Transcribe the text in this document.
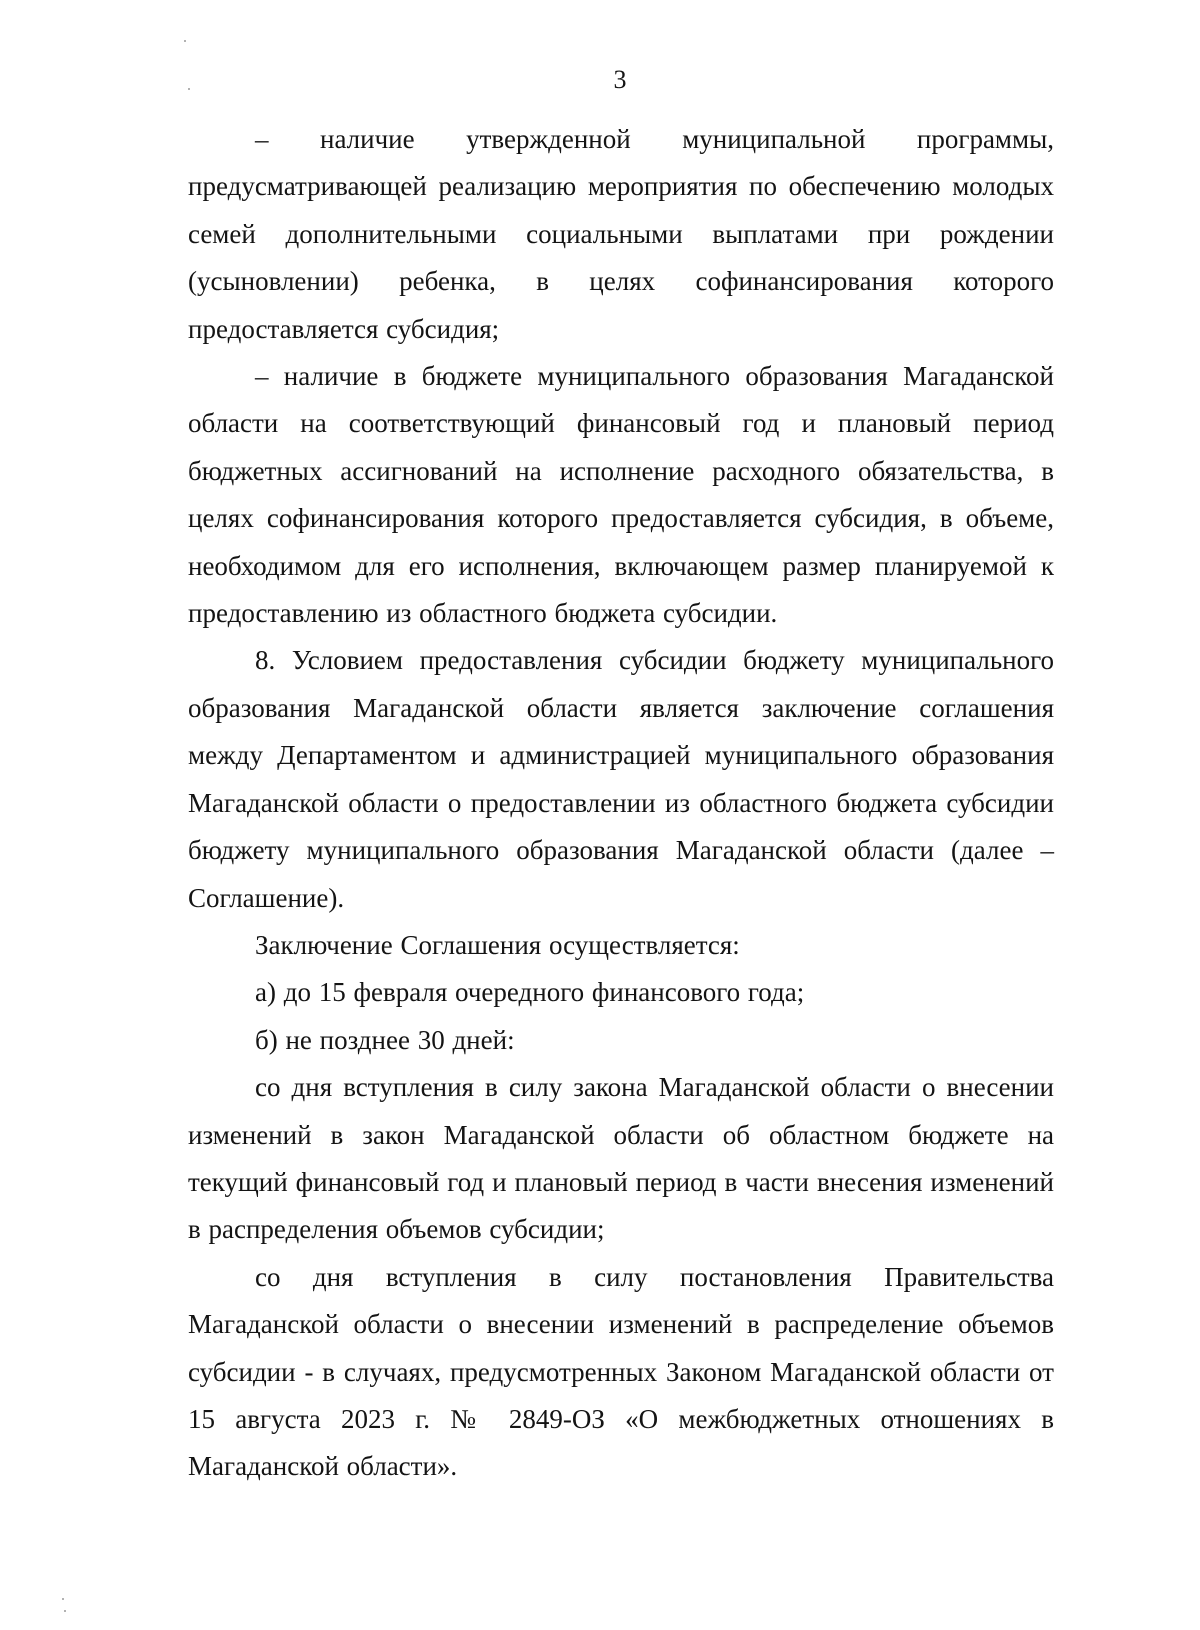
3

– наличие утвержденной муниципальной программы, предусматривающей реализацию мероприятия по обеспечению молодых семей дополнительными социальными выплатами при рождении (усыновлении) ребенка, в целях софинансирования которого предоставляется субсидия;

– наличие в бюджете муниципального образования Магаданской области на соответствующий финансовый год и плановый период бюджетных ассигнований на исполнение расходного обязательства, в целях софинансирования которого предоставляется субсидия, в объеме, необходимом для его исполнения, включающем размер планируемой к предоставлению из областного бюджета субсидии.

8. Условием предоставления субсидии бюджету муниципального образования Магаданской области является заключение соглашения между Департаментом и администрацией муниципального образования Магаданской области о предоставлении из областного бюджета субсидии бюджету муниципального образования Магаданской области (далее – Соглашение).

Заключение Соглашения осуществляется:

а) до 15 февраля очередного финансового года;

б) не позднее 30 дней:

со дня вступления в силу закона Магаданской области о внесении изменений в закон Магаданской области об областном бюджете на текущий финансовый год и плановый период в части внесения изменений в распределения объемов субсидии;

со дня вступления в силу постановления Правительства Магаданской области о внесении изменений в распределение объемов субсидии - в случаях, предусмотренных Законом Магаданской области от 15 августа 2023 г. № 2849-ОЗ «О межбюджетных отношениях в Магаданской области».
